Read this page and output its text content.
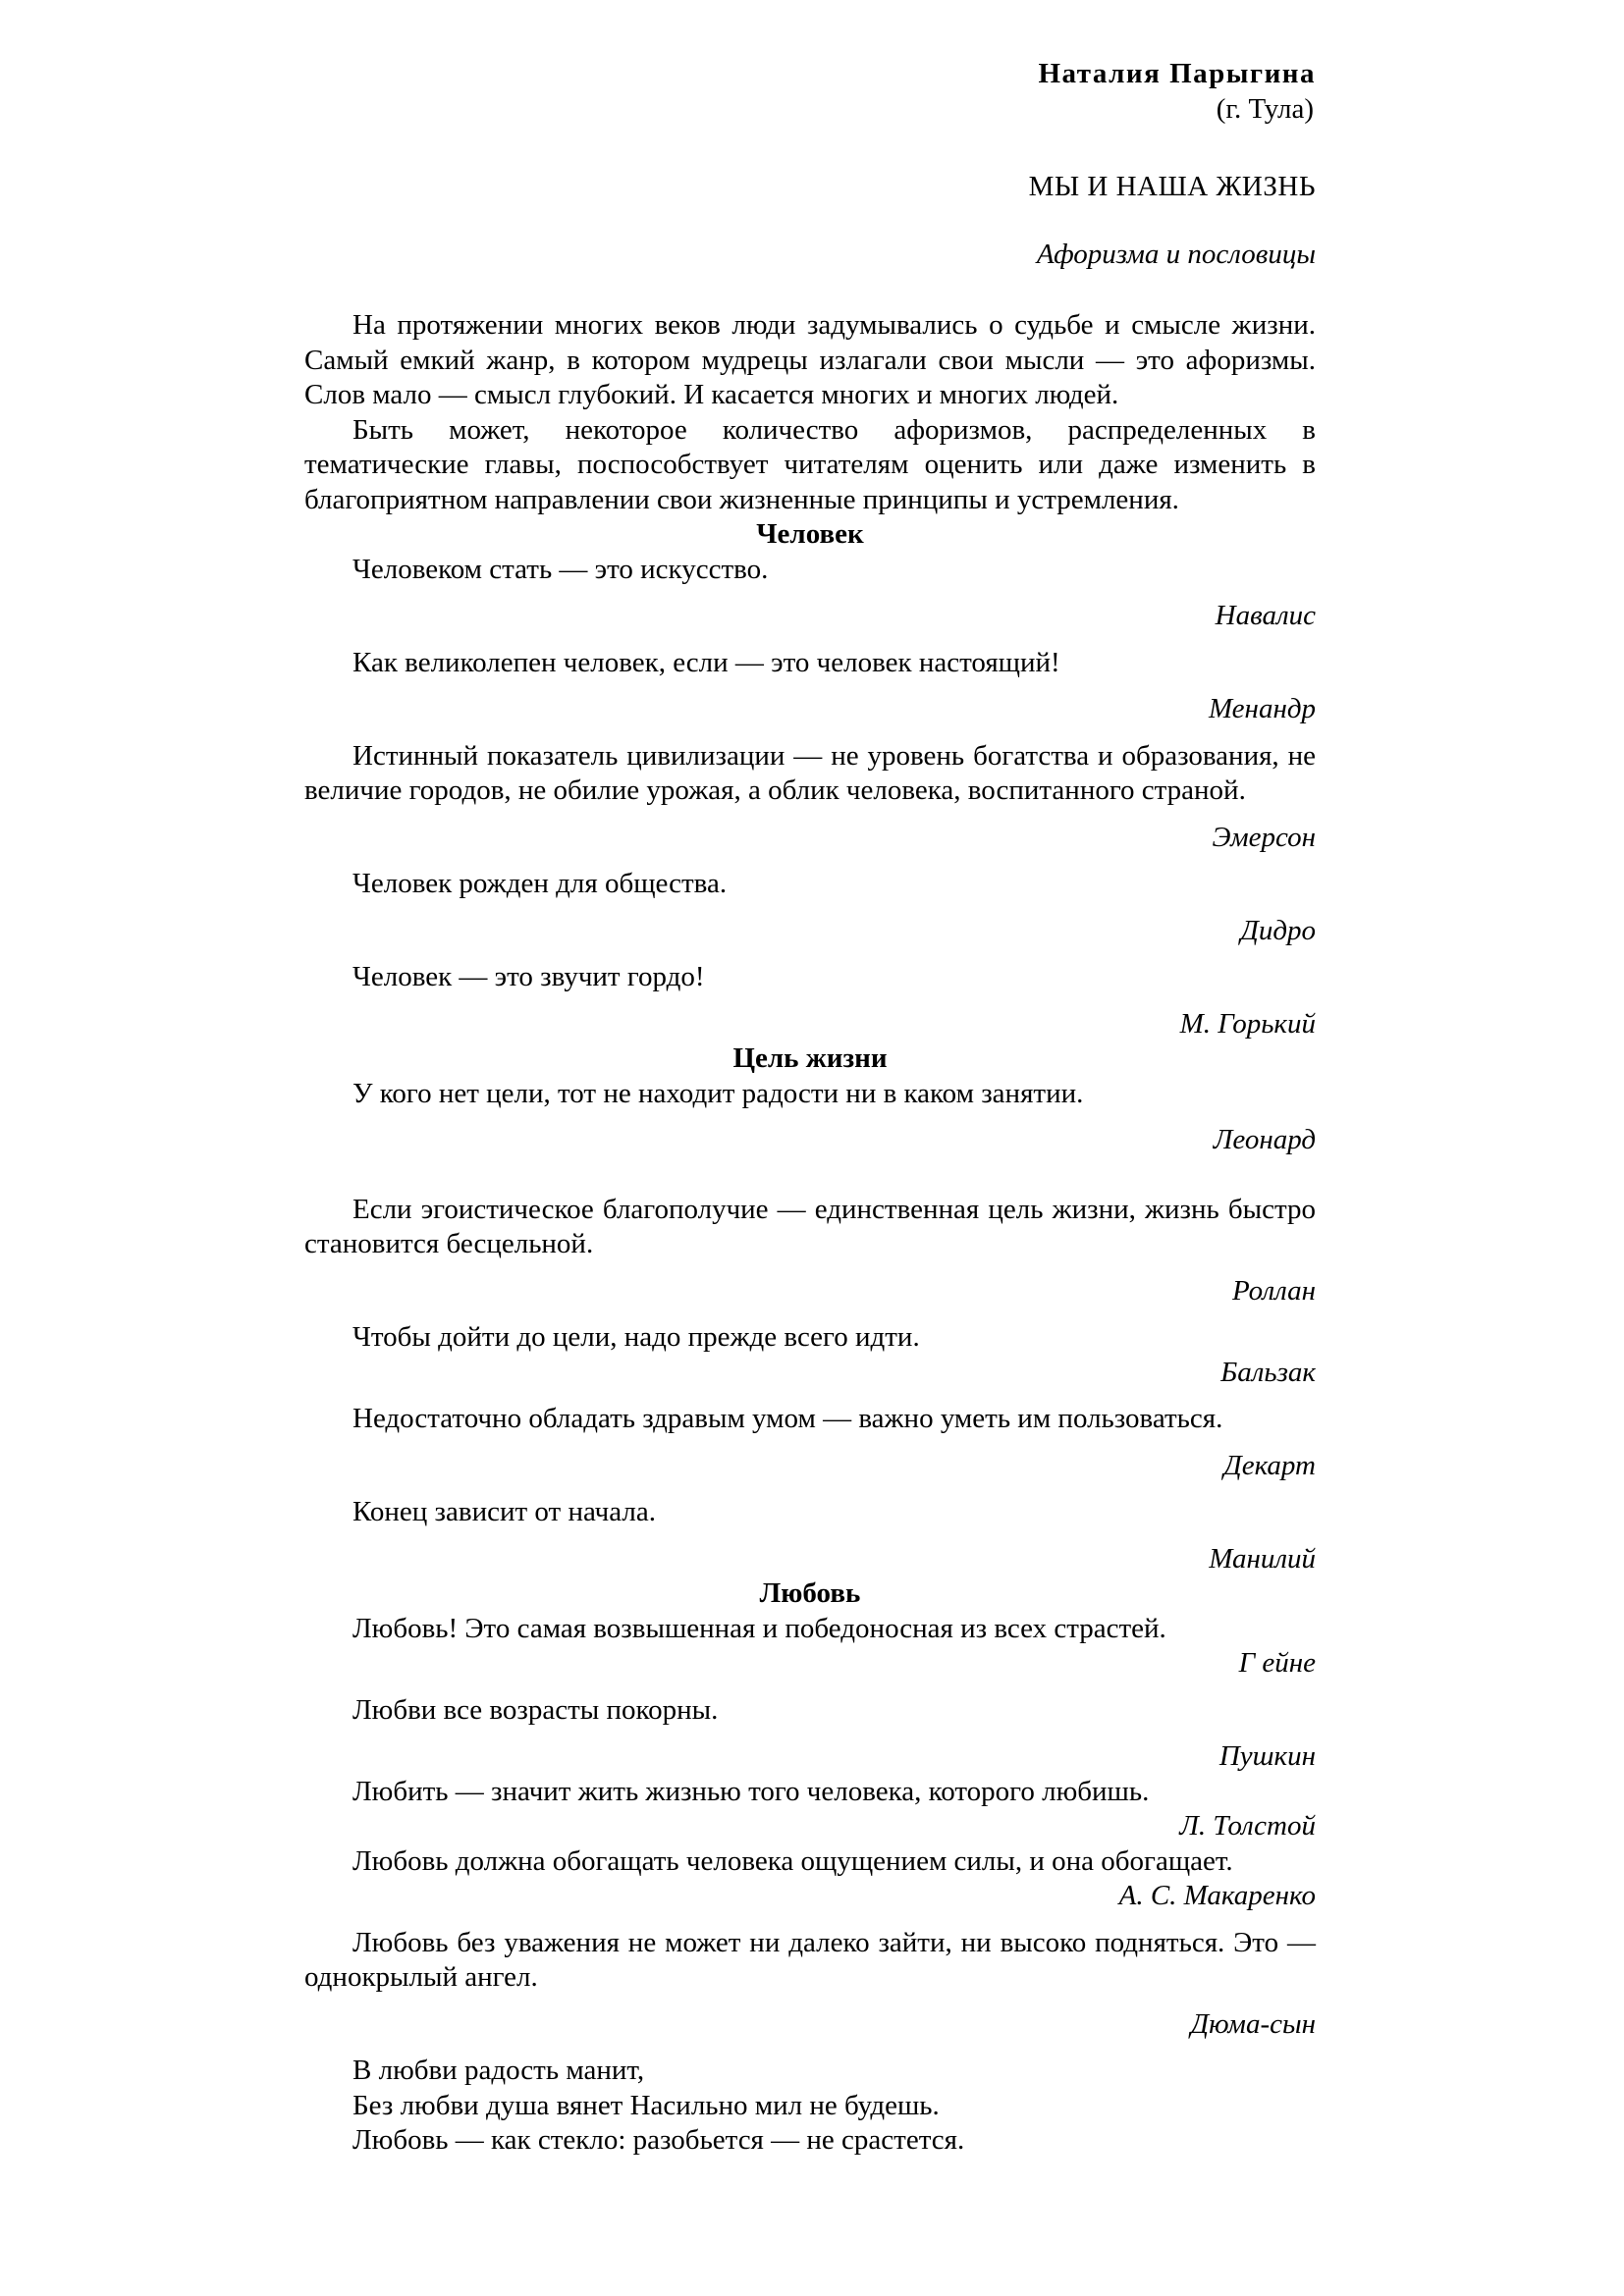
Наталия Парыгина
(г. Тула)
МЫ И НАША ЖИЗНЬ
Афоризма и пословицы

На протяжении многих веков люди задумывались о судьбе и смысле жизни. Самый емкий жанр, в котором мудрецы излагали свои мысли — это афоризмы. Слов мало — смысл глубокий. И касается многих и многих людей.

Быть может, некоторое количество афоризмов, распределенных в тематические главы, поспособствует читателям оценить или даже изменить в благоприятном направлении свои жизненные принципы и устремления.

Человек

Человеком стать — это искусство.

Навалис

Как великолепен человек, если — это человек настоящий!

Менандр

Истинный показатель цивилизации — не уровень богатства и образования, не величие городов, не обилие урожая, а облик человека, воспитанного страной.

Эмерсон

Человек рожден для общества.

Дидро

Человек — это звучит гордо!

М. Горький

Цель жизни

У кого нет цели, тот не находит радости ни в каком занятии.

Леонард

Если эгоистическое благополучие — единственная цель жизни, жизнь быстро становится бесцельной.

Роллан

Чтобы дойти до цели, надо прежде всего идти.

Бальзак

Недостаточно обладать здравым умом — важно уметь им пользоваться.

Декарт

Конец зависит от начала.

Манилий

Любовь

Любовь! Это самая возвышенная и победоносная из всех страстей.

Г ейне

Любви все возрасты покорны.

Пушкин

Любить — значит жить жизнью того человека, которого любишь.

Л. Толстой

Любовь должна обогащать человека ощущением силы, и она обогащает.

А. С. Макаренко

Любовь без уважения не может ни далеко зайти, ни высоко подняться. Это — однокрылый ангел.

Дюма-сын

В любви радость манит,
Без любви душа вянет Насильно мил не будешь.
Любовь — как стекло: разобьется — не срастется.
